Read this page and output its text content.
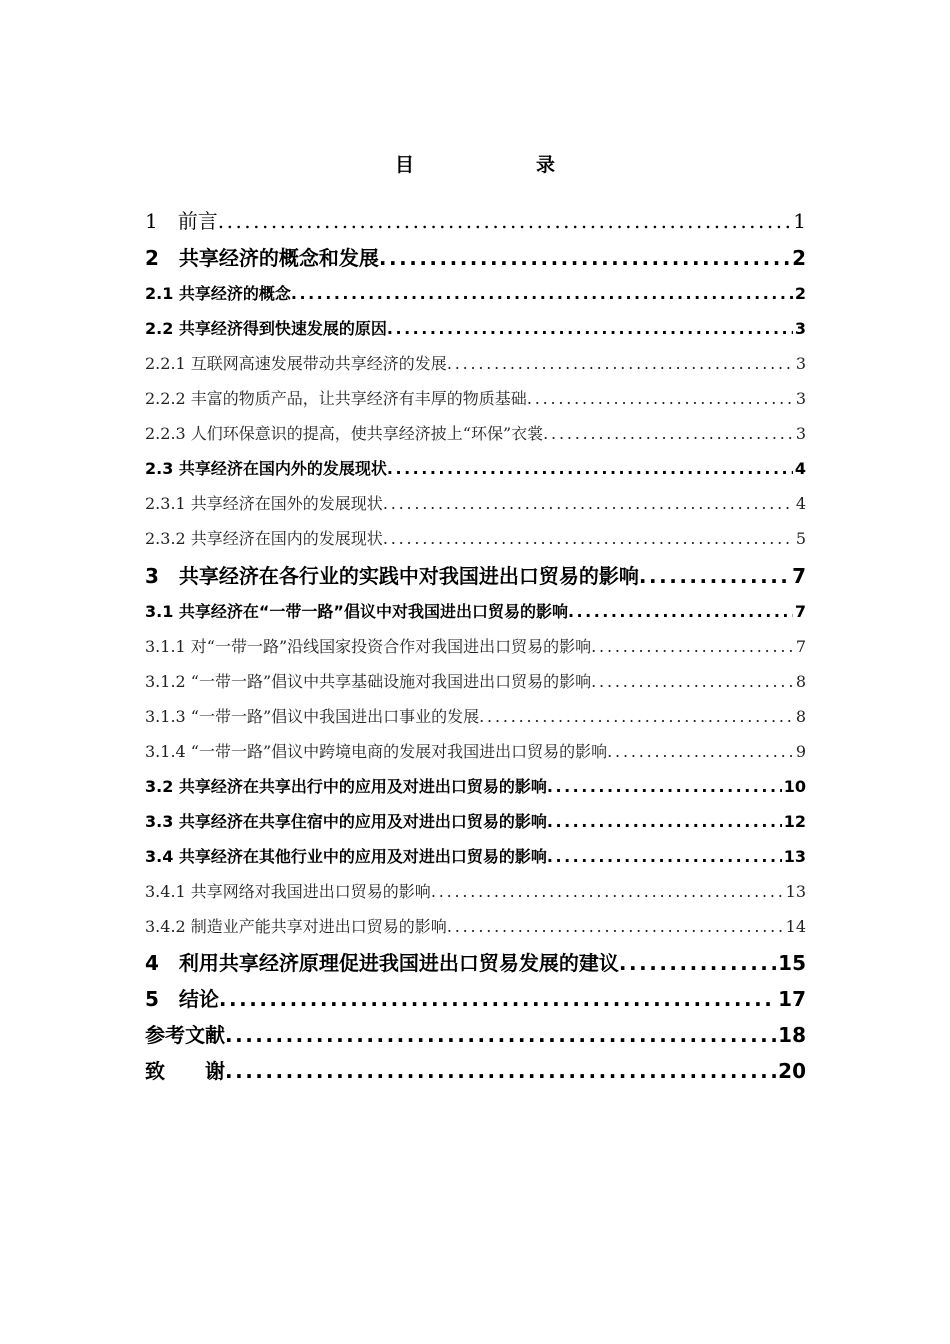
目　　录
1　前言 .....	1
2　共享经济的概念和发展 .....	2
2.1 共享经济的概念 .....	2
2.2 共享经济得到快速发展的原因 .....	3
2.2.1 互联网高速发展带动共享经济的发展 .....	3
2.2.2 丰富的物质产品，让共享经济有丰厚的物质基础 .....	3
2.2.3 人们环保意识的提高，使共享经济披上“环保”衣裳 .....	3
2.3 共享经济在国内外的发展现状 .....	4
2.3.1 共享经济在国外的发展现状 .....	4
2.3.2 共享经济在国内的发展现状 .....	5
3　共享经济在各行业的实践中对我国进出口贸易的影响 .....	7
3.1 共享经济在“一带一路”倡议中对我国进出口贸易的影响 .....	7
3.1.1 对“一带一路”沿线国家投资合作对我国进出口贸易的影响 .....	7
3.1.2 “一带一路”倡议中共享基础设施对我国进出口贸易的影响 .....	8
3.1.3 “一带一路”倡议中我国进出口事业的发展 .....	8
3.1.4 “一带一路”倡议中跨境电商的发展对我国进出口贸易的影响 .....	9
3.2 共享经济在共享出行中的应用及对进出口贸易的影响 .....	10
3.3 共享经济在共享住宿中的应用及对进出口贸易的影响 .....	12
3.4 共享经济在其他行业中的应用及对进出口贸易的影响 .....	13
3.4.1 共享网络对我国进出口贸易的影响 .....	13
3.4.2 制造业产能共享对进出口贸易的影响 .....	14
4　利用共享经济原理促进我国进出口贸易发展的建议 .....	15
5　结论 .....	17
参考文献 .....	18
致　　谢 .....	20
